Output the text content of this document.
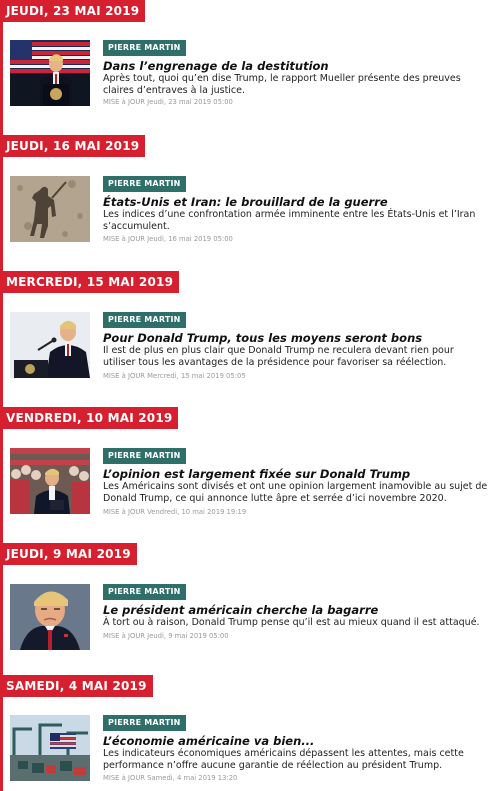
JEUDI, 23 MAI 2019
PIERRE MARTIN
Dans l’engrenage de la destitution
Après tout, quoi qu’en dise Trump, le rapport Mueller présente des preuves claires d’entraves à la justice.
MISE à JOUR Jeudi, 23 mai 2019 05:00
JEUDI, 16 MAI 2019
PIERRE MARTIN
États-Unis et Iran: le brouillard de la guerre
Les indices d’une confrontation armée imminente entre les États-Unis et l’Iran s’accumulent.
MISE à JOUR Jeudi, 16 mai 2019 05:00
MERCREDI, 15 MAI 2019
PIERRE MARTIN
Pour Donald Trump, tous les moyens seront bons
Il est de plus en plus clair que Donald Trump ne reculera devant rien pour utiliser tous les avantages de la présidence pour favoriser sa réélection.
MISE à JOUR Mercredi, 15 mai 2019 05:05
VENDREDI, 10 MAI 2019
PIERRE MARTIN
L’opinion est largement fixée sur Donald Trump
Les Américains sont divisés et ont une opinion largement inamovible au sujet de Donald Trump, ce qui annonce lutte âpre et serrée d’ici novembre 2020.
MISE à JOUR Vendredi, 10 mai 2019 19:19
JEUDI, 9 MAI 2019
PIERRE MARTIN
Le président américain cherche la bagarre
À tort ou à raison, Donald Trump pense qu’il est au mieux quand il est attaqué.
MISE à JOUR Jeudi, 9 mai 2019 05:00
SAMEDI, 4 MAI 2019
PIERRE MARTIN
L’économie américaine va bien...
Les indicateurs économiques américains dépassent les attentes, mais cette performance n’offre aucune garantie de réélection au président Trump.
MISE à JOUR Samedi, 4 mai 2019 13:20
